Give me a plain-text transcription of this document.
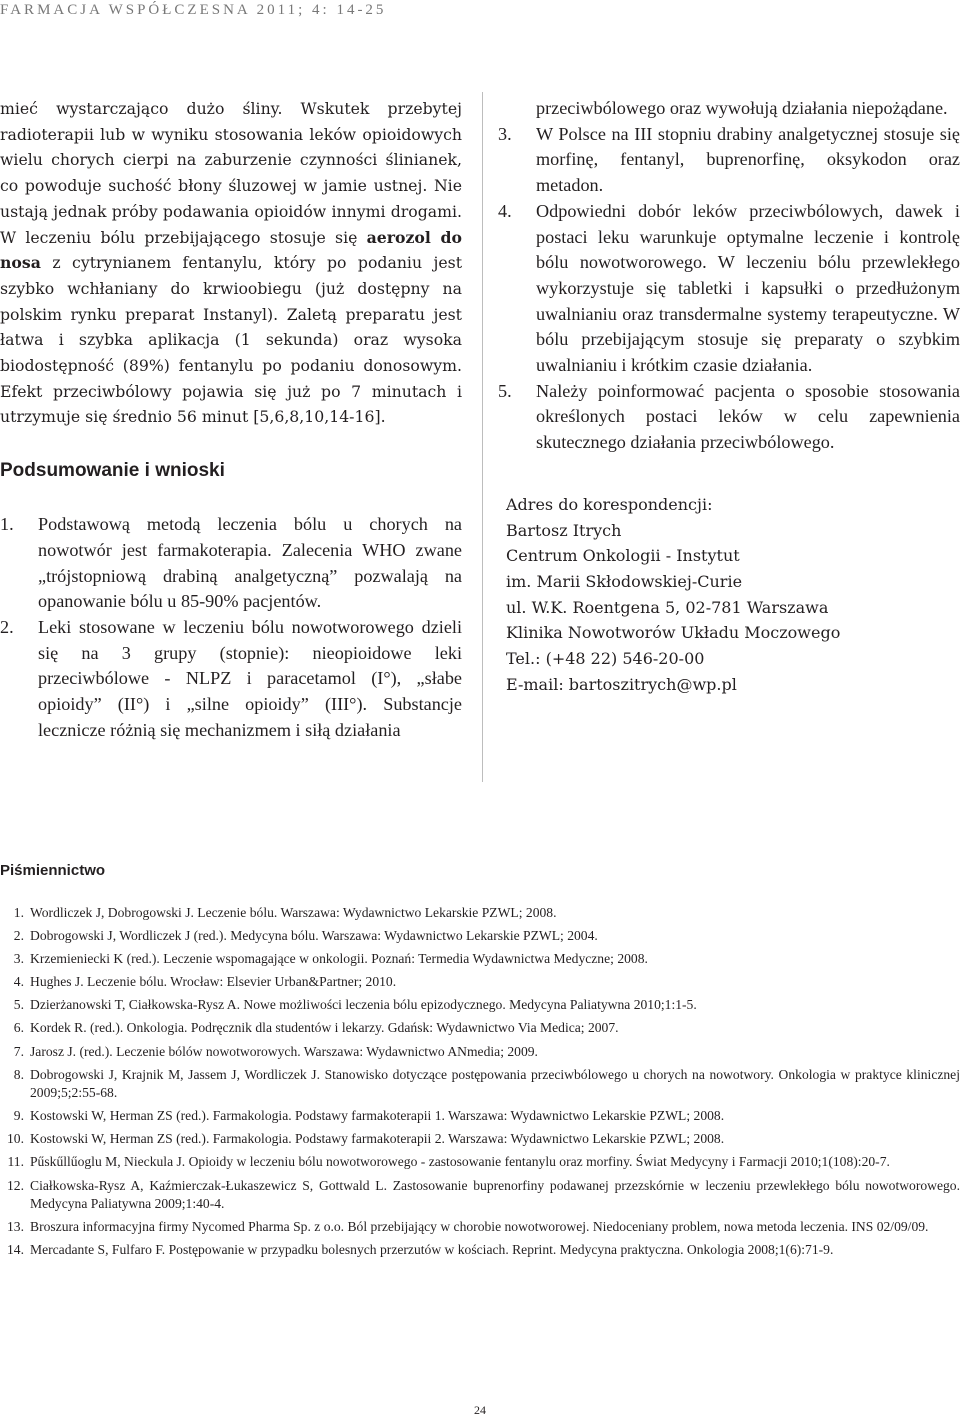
FARMACJA WSPÓŁCZESNA 2011; 4: 14-25

mieć wystarczająco dużo śliny. Wskutek przebytej radioterapii lub w wyniku stosowania leków opioidowych wielu chorych cierpi na zaburzenie czynności ślinianek, co powoduje suchość błony śluzowej w jamie ustnej. Nie ustają jednak próby podawania opioidów innymi drogami. W leczeniu bólu przebijającego stosuje się aerozol do nosa z cytrynianem fentanylu, który po podaniu jest szybko wchłaniany do krwioobiegu (już dostępny na polskim rynku preparat Instanyl). Zaletą preparatu jest łatwa i szybka aplikacja (1 sekunda) oraz wysoka biodostępność (89%) fentanylu po podaniu donosowym. Efekt przeciwbólowy pojawia się już po 7 minutach i utrzymuje się średnio 56 minut [5,6,8,10,14-16].

Podsumowanie i wnioski
1. Podstawową metodą leczenia bólu u chorych na nowotwór jest farmakoterapia. Zalecenia WHO zwane „trójstopniową drabiną analgetyczną” pozwalają na opanowanie bólu u 85-90% pacjentów.
2. Leki stosowane w leczeniu bólu nowotworowego dzieli się na 3 grupy (stopnie): nieopioidowe leki przeciwbólowe - NLPZ i paracetamol (I°), „słabe opioidy” (II°) i „silne opioidy” (III°). Substancje lecznicze różnią się mechanizmem i siłą działania
przeciwbólowego oraz wywołują działania niepożądane.
3. W Polsce na III stopniu drabiny analgetycznej stosuje się morfinę, fentanyl, buprenorfinę, oksykodon oraz metadon.
4. Odpowiedni dobór leków przeciwbólowych, dawek i postaci leku warunkuje optymalne leczenie i kontrolę bólu nowotworowego. W leczeniu bólu przewlekłego wykorzystuje się tabletki i kapsułki o przedłużonym uwalnianiu oraz transdermalne systemy terapeutyczne. W bólu przebijającym stosuje się preparaty o szybkim uwalnianiu i krótkim czasie działania.
5. Należy poinformować pacjenta o sposobie stosowania określonych postaci leków w celu zapewnienia skutecznego działania przeciwbólowego.
Adres do korespondencji:
Bartosz Itrych
Centrum Onkologii - Instytut
im. Marii Skłodowskiej-Curie
ul. W.K. Roentgena 5, 02-781 Warszawa
Klinika Nowotworów Układu Moczowego
Tel.: (+48 22) 546-20-00
E-mail: bartoszitrych@wp.pl
Piśmiennictwo
1. Wordliczek J, Dobrogowski J. Leczenie bólu. Warszawa: Wydawnictwo Lekarskie PZWL; 2008.
2. Dobrogowski J, Wordliczek J (red.). Medycyna bólu. Warszawa: Wydawnictwo Lekarskie PZWL; 2004.
3. Krzemieniecki K (red.). Leczenie wspomagające w onkologii. Poznań: Termedia Wydawnictwa Medyczne; 2008.
4. Hughes J. Leczenie bólu. Wrocław: Elsevier Urban&Partner; 2010.
5. Dzierżanowski T, Ciałkowska-Rysz A. Nowe możliwości leczenia bólu epizodycznego. Medycyna Paliatywna 2010;1:1-5.
6. Kordek R. (red.). Onkologia. Podręcznik dla studentów i lekarzy. Gdańsk: Wydawnictwo Via Medica; 2007.
7. Jarosz J. (red.). Leczenie bólów nowotworowych. Warszawa: Wydawnictwo ANmedia; 2009.
8. Dobrogowski J, Krajnik M, Jassem J, Wordliczek J. Stanowisko dotyczące postępowania przeciwbólowego u chorych na nowotwory. Onkologia w praktyce klinicznej 2009;5;2:55-68.
9. Kostowski W, Herman ZS (red.). Farmakologia. Podstawy farmakoterapii 1. Warszawa: Wydawnictwo Lekarskie PZWL; 2008.
10. Kostowski W, Herman ZS (red.). Farmakologia. Podstawy farmakoterapii 2. Warszawa: Wydawnictwo Lekarskie PZWL; 2008.
11. Pűskűllűoglu M, Nieckula J. Opioidy w leczeniu bólu nowotworowego - zastosowanie fentanylu oraz morfiny. Świat Medycyny i Farmacji 2010;1(108):20-7.
12. Ciałkowska-Rysz A, Kaźmierczak-Łukaszewicz S, Gottwald L. Zastosowanie buprenorfiny podawanej przezskórnie w leczeniu przewlekłego bólu nowotworowego. Medycyna Paliatywna 2009;1:40-4.
13. Broszura informacyjna firmy Nycomed Pharma Sp. z o.o. Ból przebijający w chorobie nowotworowej. Niedoceniany problem, nowa metoda leczenia. INS 02/09/09.
14. Mercadante S, Fulfaro F. Postępowanie w przypadku bolesnych przerzutów w kościach. Reprint. Medycyna praktyczna. Onkologia 2008;1(6):71-9.
24
